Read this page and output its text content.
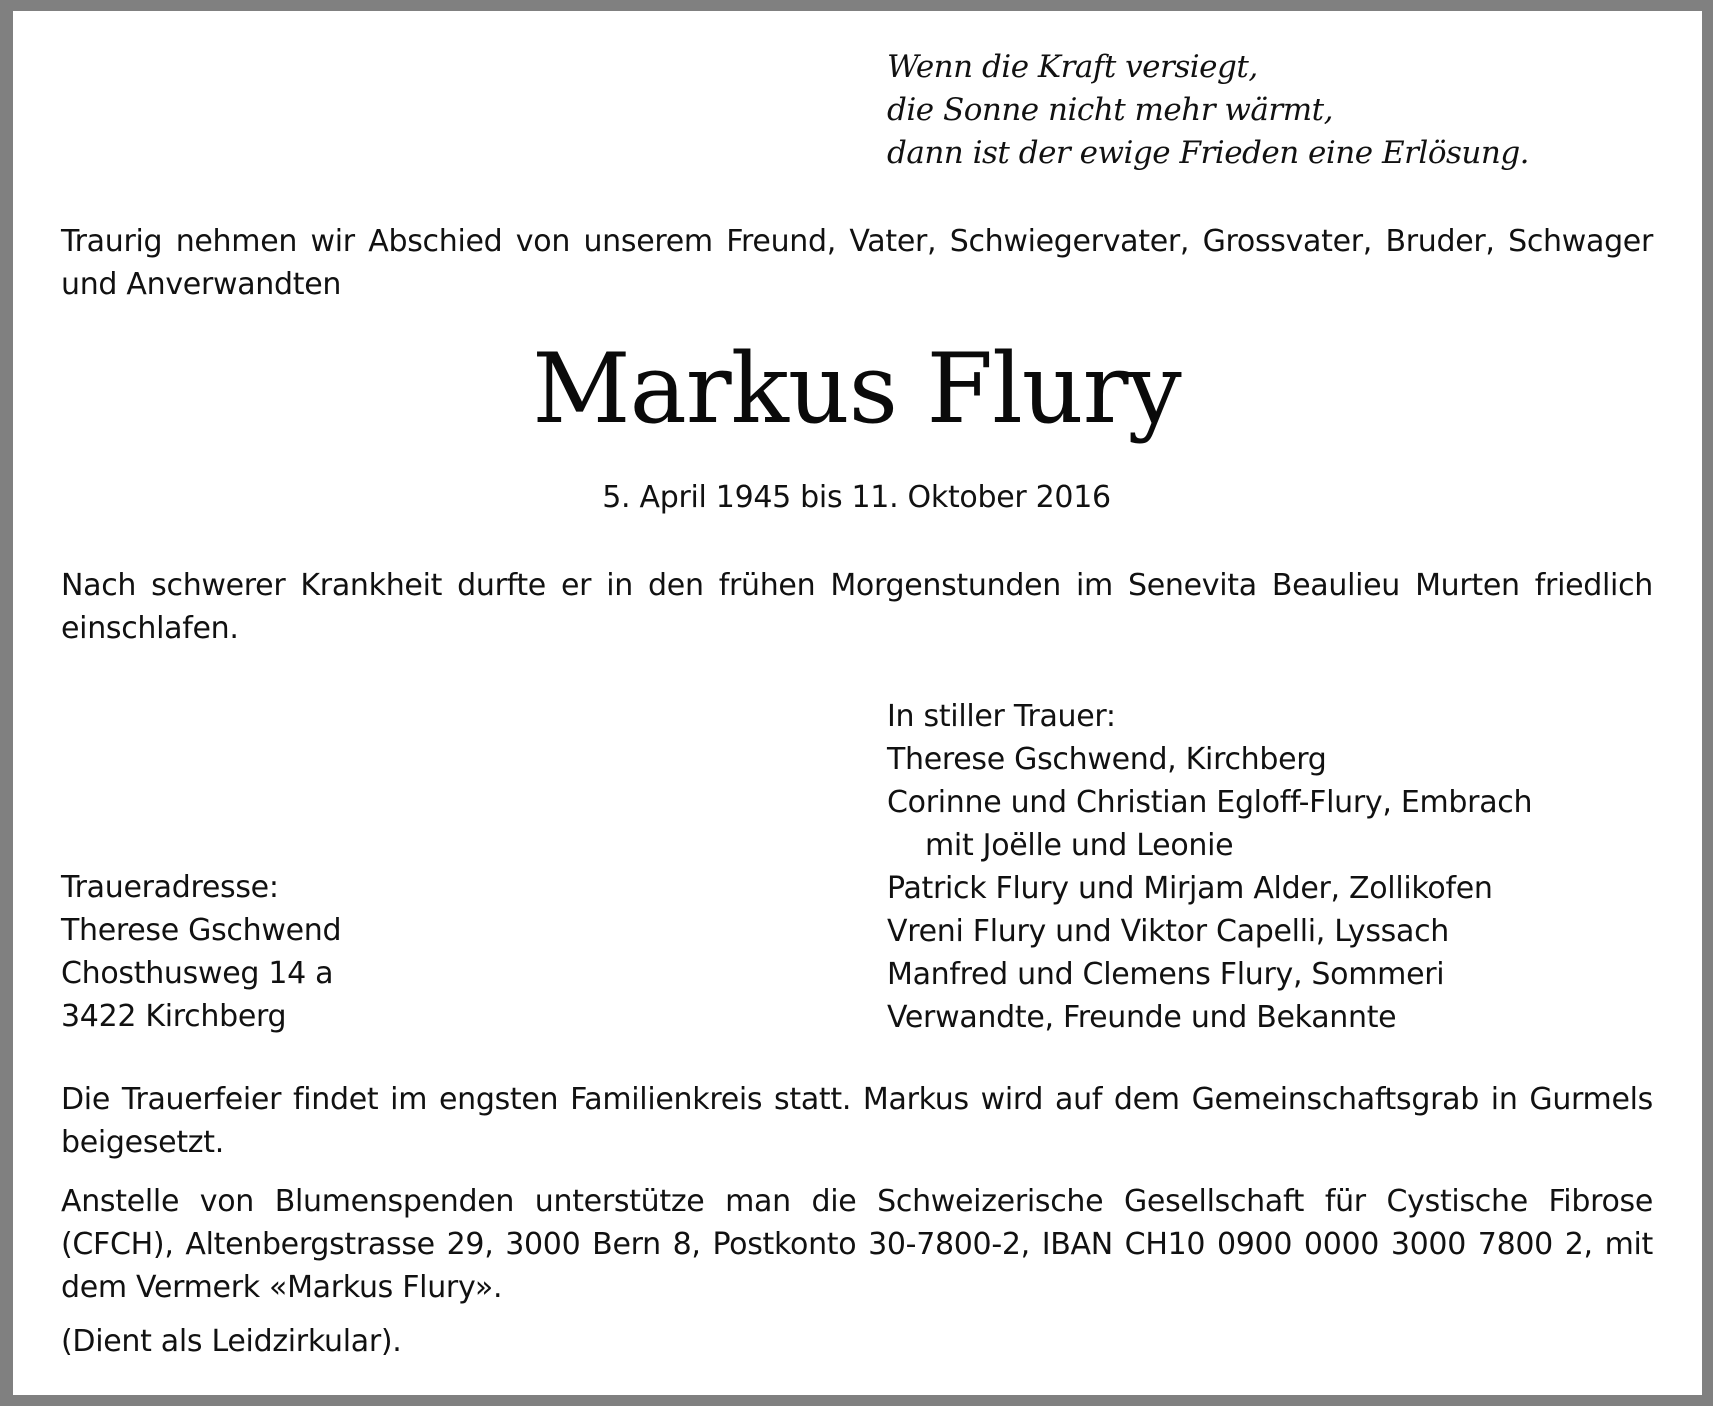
Wenn die Kraft versiegt,
die Sonne nicht mehr wärmt,
dann ist der ewige Frieden eine Erlösung.
Traurig nehmen wir Abschied von unserem Freund, Vater, Schwiegervater, Grossvater, Bruder, Schwager und Anverwandten
Markus Flury
5. April 1945 bis 11. Oktober 2016
Nach schwerer Krankheit durfte er in den frühen Morgenstunden im Senevita Beaulieu Murten friedlich einschlafen.
In stiller Trauer:
Therese Gschwend, Kirchberg
Corinne und Christian Egloff-Flury, Embrach
mit Joëlle und Leonie
Patrick Flury und Mirjam Alder, Zollikofen
Vreni Flury und Viktor Capelli, Lyssach
Manfred und Clemens Flury, Sommeri
Verwandte, Freunde und Bekannte
Traueradresse:
Therese Gschwend
Chosthusweg 14 a
3422 Kirchberg
Die Trauerfeier findet im engsten Familienkreis statt. Markus wird auf dem Gemeinschaftsgrab in Gurmels beigesetzt.
Anstelle von Blumenspenden unterstütze man die Schweizerische Gesellschaft für Cystische Fibrose (CFCH), Altenbergstrasse 29, 3000 Bern 8, Postkonto 30-7800-2, IBAN CH10 0900 0000 3000 7800 2, mit dem Vermerk «Markus Flury».
(Dient als Leidzirkular).
